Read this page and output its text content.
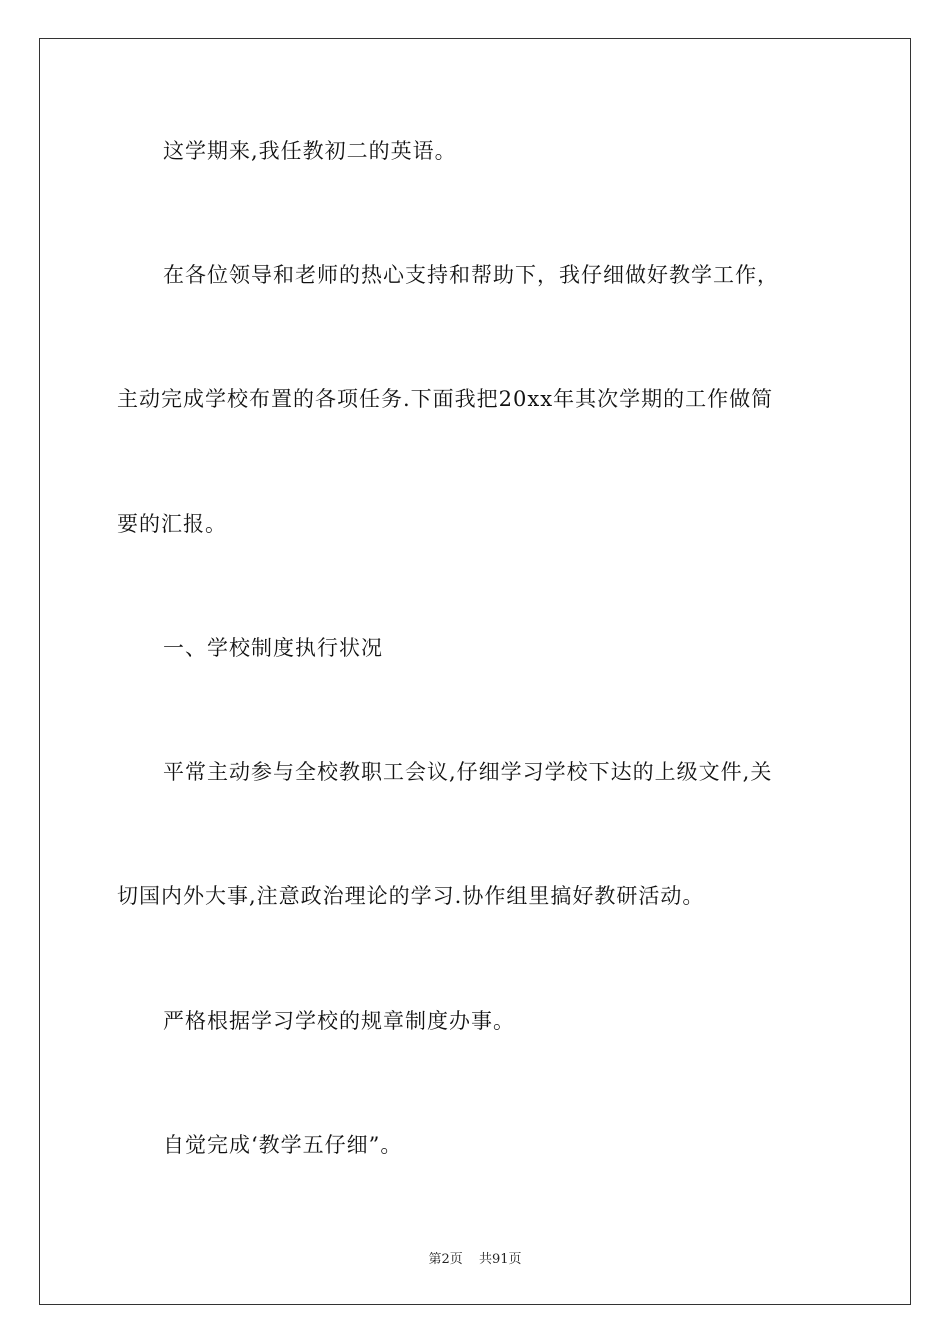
这学期来,我任教初二的英语。
在各位领导和老师的热心支持和帮助下，我仔细做好教学工作，
主动完成学校布置的各项任务.下面我把20xx年其次学期的工作做简
要的汇报。
一、学校制度执行状况
平常主动参与全校教职工会议,仔细学习学校下达的上级文件,关
切国内外大事,注意政治理论的学习.协作组里搞好教研活动。
严格根据学习学校的规章制度办事。
自觉完成‘教学五仔细”。
第2页 共91页
